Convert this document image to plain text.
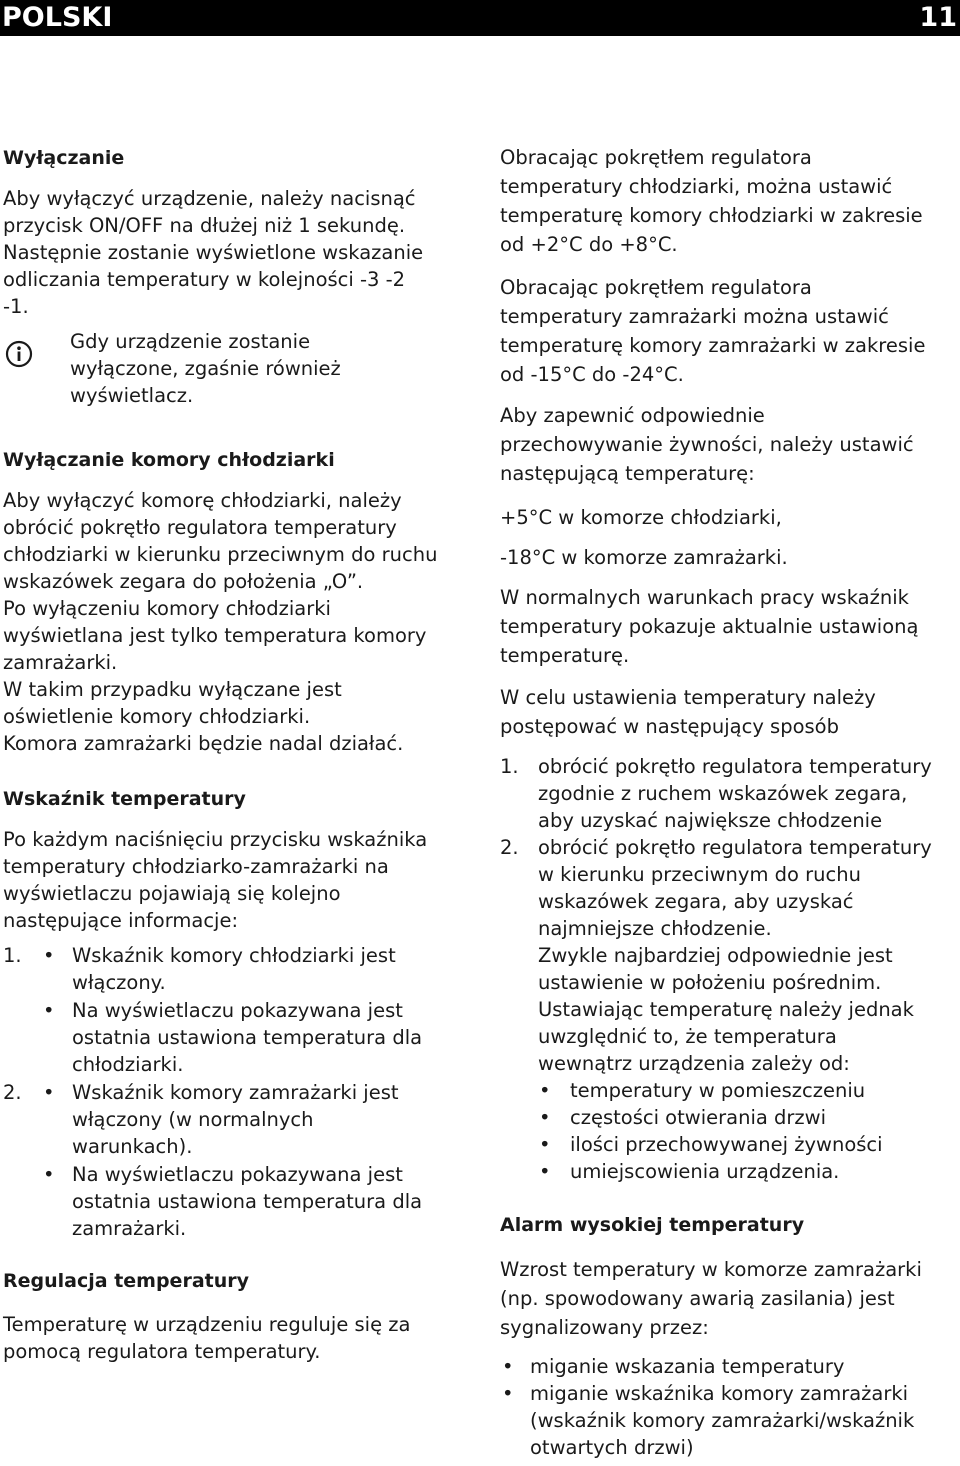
POLSKI	11
Wyłączanie
Aby wyłączyć urządzenie, należy nacisnąć
przycisk ON/OFF na dłużej niż 1 sekundę.
Następnie zostanie wyświetlone wskazanie
odliczania temperatury w kolejności -3 -2
-1.
Gdy urządzenie zostanie
wyłączone, zgaśnie również
wyświetlacz.
Wyłączanie komory chłodziarki
Aby wyłączyć komorę chłodziarki, należy
obrócić pokrętło regulatora temperatury
chłodziarki w kierunku przeciwnym do ruchu
wskazówek zegara do położenia „O”.
Po wyłączeniu komory chłodziarki
wyświetlana jest tylko temperatura komory
zamrażarki.
W takim przypadku wyłączane jest
oświetlenie komory chłodziarki.
Komora zamrażarki będzie nadal działać.
Wskaźnik temperatury
Po każdym naciśnięciu przycisku wskaźnika
temperatury chłodziarko-zamrażarki na
wyświetlaczu pojawiają się kolejno
następujące informacje:
1. • Wskaźnik komory chłodziarki jest
włączony.
• Na wyświetlaczu pokazywana jest
ostatnia ustawiona temperatura dla
chłodziarki.
2. • Wskaźnik komory zamrażarki jest
włączony (w normalnych
warunkach).
• Na wyświetlaczu pokazywana jest
ostatnia ustawiona temperatura dla
zamrażarki.
Regulacja temperatury
Temperaturę w urządzeniu reguluje się za
pomocą regulatora temperatury.
Obracając pokrętłem regulatora
temperatury chłodziarki, można ustawić
temperaturę komory chłodziarki w zakresie
od +2°C do +8°C.
Obracając pokrętłem regulatora
temperatury zamrażarki można ustawić
temperaturę komory zamrażarki w zakresie
od -15°C do -24°C.
Aby zapewnić odpowiednie
przechowywanie żywności, należy ustawić
następującą temperaturę:
+5°C w komorze chłodziarki,
-18°C w komorze zamrażarki.
W normalnych warunkach pracy wskaźnik
temperatury pokazuje aktualnie ustawioną
temperaturę.
W celu ustawienia temperatury należy
postępować w następujący sposób
1. obrócić pokrętło regulatora temperatury
zgodnie z ruchem wskazówek zegara,
aby uzyskać największe chłodzenie
2. obrócić pokrętło regulatora temperatury
w kierunku przeciwnym do ruchu
wskazówek zegara, aby uzyskać
najmniejsze chłodzenie.
Zwykle najbardziej odpowiednie jest
ustawienie w położeniu pośrednim.
Ustawiając temperaturę należy jednak
uwzględnić to, że temperatura
wewnątrz urządzenia zależy od:
• temperatury w pomieszczeniu
• częstości otwierania drzwi
• ilości przechowywanej żywności
• umiejscowienia urządzenia.
Alarm wysokiej temperatury
Wzrost temperatury w komorze zamrażarki
(np. spowodowany awarią zasilania) jest
sygnalizowany przez:
• miganie wskazania temperatury
• miganie wskaźnika komory zamrażarki
(wskaźnik komory zamrażarki/wskaźnik
otwartych drzwi)
